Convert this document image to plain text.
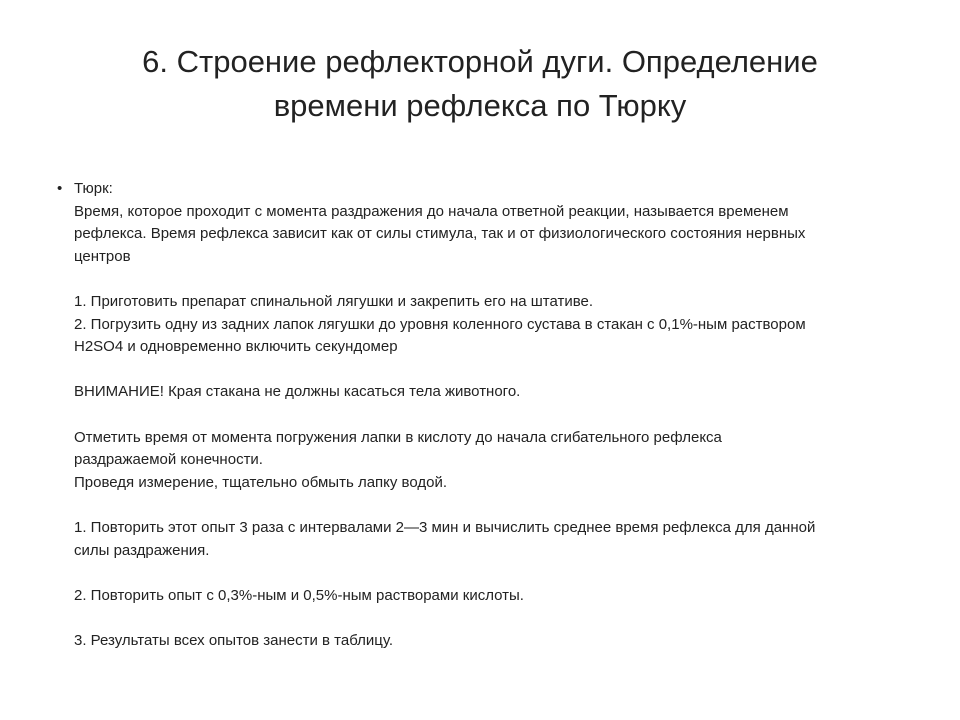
6. Строение рефлекторной дуги. Определение
времени рефлекса по Тюрку
• Тюрк:
Время, которое проходит с момента раздражения до начала ответной реакции, называется временем
рефлекса. Время рефлекса зависит как от силы стимула, так и от физиологического состояния нервных
центров
1. Приготовить препарат спинальной лягушки и закрепить его на штативе.
2. Погрузить одну из задних лапок лягушки до уровня коленного сустава в стакан с 0,1%-ным раствором
H2SO4 и одновременно включить секундомер
ВНИМАНИЕ! Края стакана не должны касаться тела животного.
Отметить время от момента погружения лапки в кислоту до начала сгибательного рефлекса
раздражаемой конечности.
Проведя измерение, тщательно обмыть лапку водой.
1. Повторить этот опыт 3 раза с интервалами 2—3 мин и вычислить среднее время рефлекса для данной
силы раздражения.
2. Повторить опыт с 0,3%-ным и 0,5%-ным растворами кислоты.
3. Результаты всех опытов занести в таблицу.
